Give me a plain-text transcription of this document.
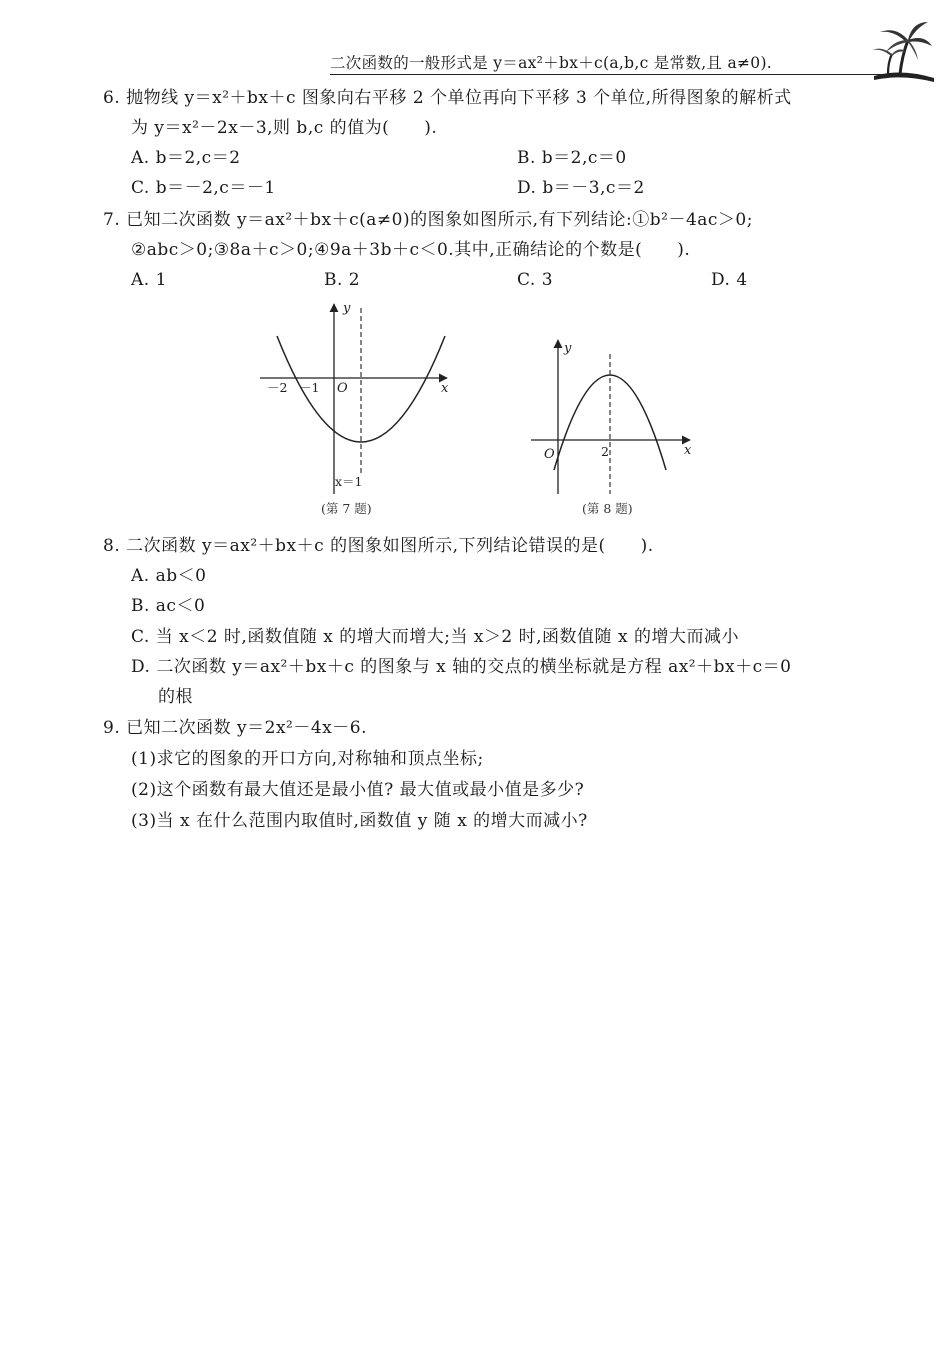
二次函数的一般形式是 y＝ax²＋bx＋c(a,b,c 是常数,且 a≠0).
6. 抛物线 y＝x²＋bx＋c 图象向右平移 2 个单位再向下平移 3 个单位,所得图象的解析式
为 y＝x²－2x－3,则 b,c 的值为(　　).
A. b＝2,c＝2	B. b＝2,c＝0
C. b＝－2,c＝－1	D. b＝－3,c＝2
7. 已知二次函数 y＝ax²＋bx＋c(a≠0)的图象如图所示,有下列结论:①b²－4ac＞0;
②abc＞0;③8a＋c＞0;④9a＋3b＋c＜0.其中,正确结论的个数是(　　).
A. 1	B. 2	C. 3	D. 4
y
x
O
－2 －1
x＝1
(第 7 题)
y
x
O	2
(第 8 题)
8. 二次函数 y＝ax²＋bx＋c 的图象如图所示,下列结论错误的是(　　).
A. ab＜0
B. ac＜0
C. 当 x＜2 时,函数值随 x 的增大而增大;当 x＞2 时,函数值随 x 的增大而减小
D. 二次函数 y＝ax²＋bx＋c 的图象与 x 轴的交点的横坐标就是方程 ax²＋bx＋c＝0
的根
9. 已知二次函数 y＝2x²－4x－6.
(1)求它的图象的开口方向,对称轴和顶点坐标;
(2)这个函数有最大值还是最小值? 最大值或最小值是多少?
(3)当 x 在什么范围内取值时,函数值 y 随 x 的增大而减小?
